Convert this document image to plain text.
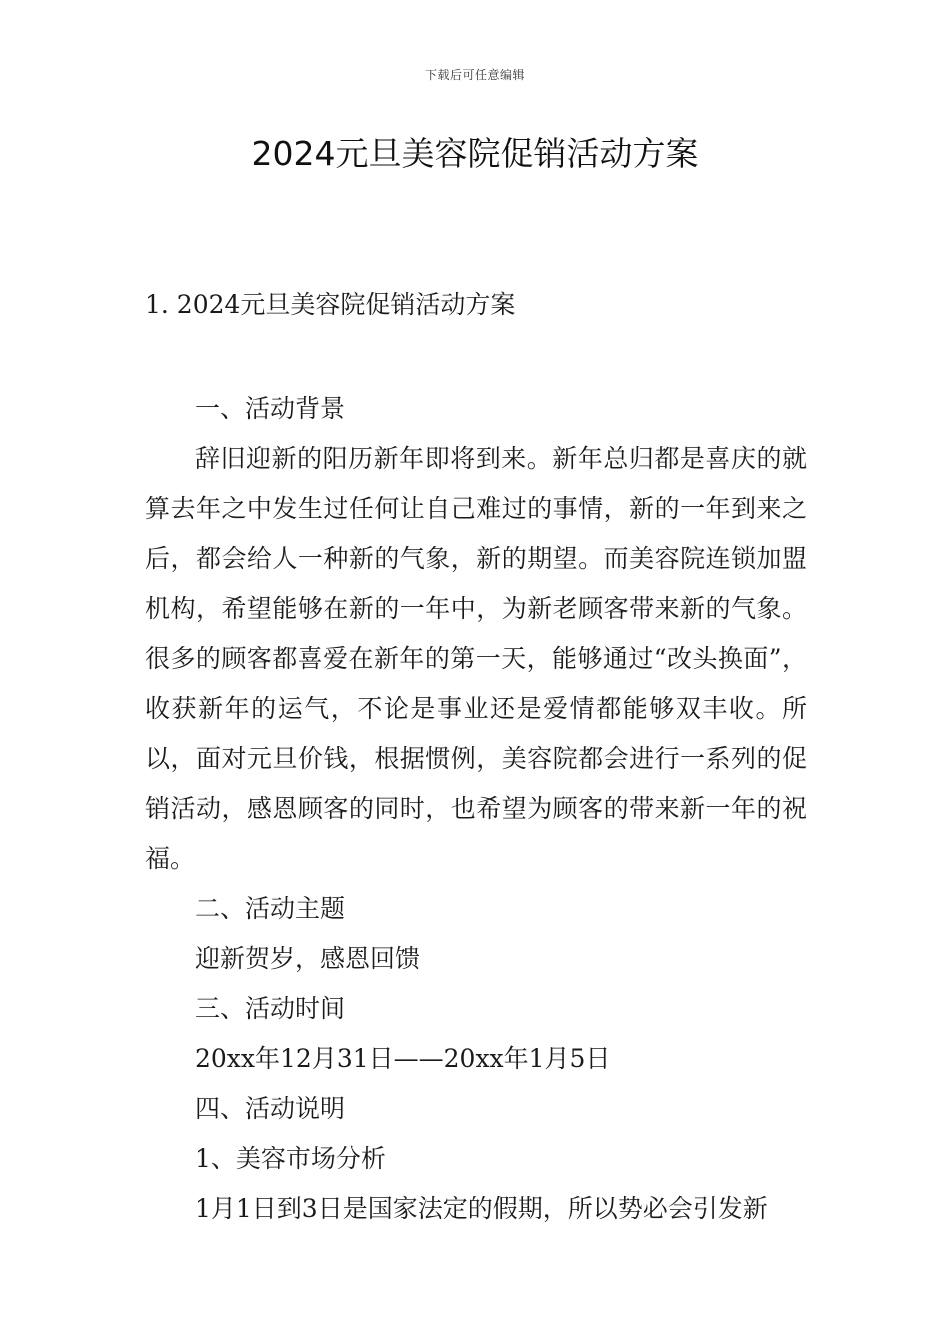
下载后可任意编辑
2024元旦美容院促销活动方案

1. 2024元旦美容院促销活动方案

一、活动背景

辞旧迎新的阳历新年即将到来。新年总归都是喜庆的就算去年之中发生过任何让自己难过的事情，新的一年到来之后，都会给人一种新的气象，新的期望。而美容院连锁加盟机构，希望能够在新的一年中，为新老顾客带来新的气象。很多的顾客都喜爱在新年的第一天，能够通过“改头换面”，收获新年的运气，不论是事业还是爱情都能够双丰收。所以，面对元旦价钱，根据惯例，美容院都会进行一系列的促销活动，感恩顾客的同时，也希望为顾客的带来新一年的祝福。

二、活动主题

迎新贺岁，感恩回馈

三、活动时间

20xx年12月31日——20xx年1月5日

四、活动说明

1、美容市场分析

1月1日到3日是国家法定的假期，所以势必会引发新
